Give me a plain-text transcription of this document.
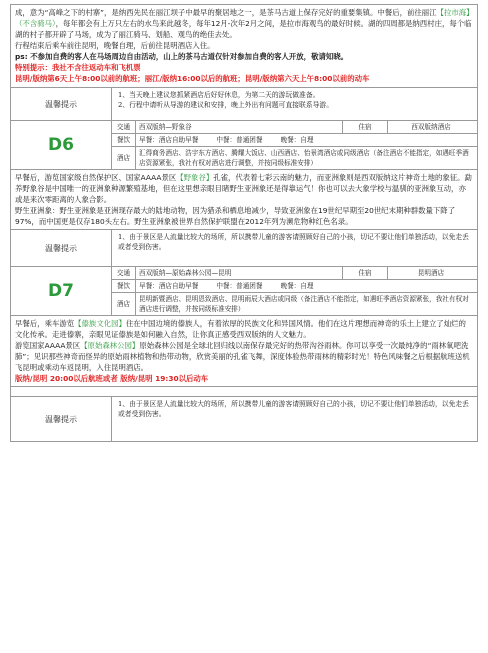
成，意为“高峰之下的村寨”，是纳西先民在丽江坝子中最早的聚居地之一，是茶马古道上保存完好的重要集镇。中餐后，前往丽江【拉市海】（不含骑马），每年都会有上万只左右的水鸟来此越冬，每年12月-次年2月之间，是拉市海观鸟的最好时候。湖的四周都是纳西村庄，每个临湖的村子都开辟了马场，成为了丽江骑马、划船、观鸟的绝佳去处。

行程结束后乘车前往昆明，晚餐自理，后前往昆明酒店入住。

ps: 不参加自费的客人在马场周边自由活动，山上的茶马古道仅针对参加自费的客人开放，敬请知晓。

特别提示：我社不含往返动车和飞机票

昆明/版纳第6天上午8:00以前的航班；丽江/版纳16:00以后的航班；昆明/版纳第六天上午8:00以前的动车

温馨提示

1、当天晚上建议您抓紧酒店后好好休息，为第二天的游玩做准备。

2、行程中请听从导游的建议和安排，晚上外出有问题可直接联系导游。

D6
交通	西双版纳—野象谷	住宿	西双版纳酒店
餐饮	早餐：酒店自助早餐	中餐：普通团餐	晚餐：自理
酒店
汇得商务酒店、浩宇东方酒店、腾耀大饭店、山西酒店、怡景湾酒店或同级酒店（备注酒店不能指定，如遇旺季酒店资源紧张，我社有权对酒店进行调整，并按同级标准安排）

早餐后，游览国家级自然保护区、国家AAAA景区【野象谷】孔雀，代表着七彩云南的魅力，而亚洲象则是西双版纳这片神奇土地的象征。勐养野象谷是中国唯一的亚洲象种源繁殖基地，但在这里想亲眼目睹野生亚洲象还是得靠运气！你也可以去大象学校与温驯的亚洲象互动，亦或是来次零距离的人象合影。

野生亚洲象：野生亚洲象是亚洲现存最大的陆地动物，因为猎杀和栖息地减少，导致亚洲象在19世纪早期至20世纪末期种群数量下降了97%，而中国更是仅存180头左右。野生亚洲象被世界自然保护联盟在2012年列为濒危物种红色名录。

温馨提示
1、由于景区是人流量比较大的场所，所以携带儿童的游客请照顾好自己的小孩，切记不要让他们单独活动，以免走丢或者受到伤害。
D7
交通	西双版纳—原始森林公园—昆明	住宿	昆明酒店
餐饮	早餐：酒店自助早餐	中餐：普通团餐	晚餐：自理
酒店
昆明新暨酒店、昆明恩致酒店、昆明雨辰大酒店或同级（备注酒店不能指定，如遇旺季酒店资源紧张，我社有权对酒店进行调整，并按同级标准安排）

早餐后，乘车游览【傣族文化园】住在中国边境的傣族人，有着浓厚的民族文化和异国风情。他们在这片理想而神奇的乐土上建立了灿烂的文化传承。走进傣寨，亲眼见证傣族是如何融入自然，让你真正感受西双版纳的人文魅力。

游览国家AAAA景区【原始森林公园】原始森林公园是全球北回归线以南保存最完好的热带沟谷雨林。你可以享受一次最纯净的“雨林氧吧洗肺”；见识那些神奇而怪异的原始雨林植物和热带动物，欣赏美丽的孔雀飞舞，深度体验热带雨林的精彩时光！特色风味餐之后根据航班送机飞昆明或乘动车返昆明，入住昆明酒店。

版纳/昆明 20:00以后航班或者 版纳/昆明 19:30以后动车

温馨提示
1、由于景区是人流量比较大的场所，所以携带儿童的游客请照顾好自己的小孩，切记不要让他们单独活动，以免走丢或者受到伤害。
